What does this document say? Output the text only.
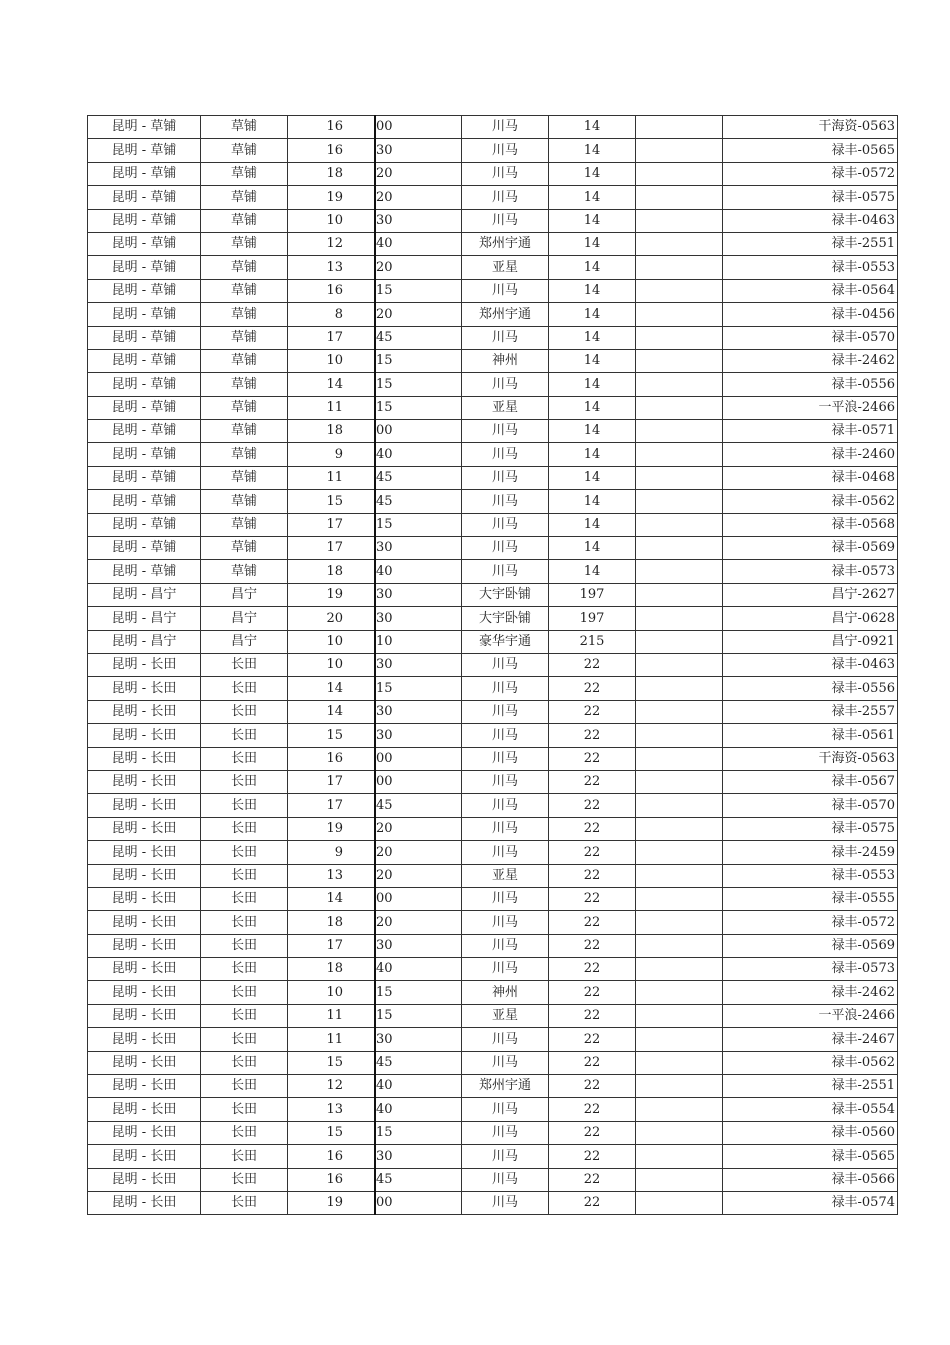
昆明 - 草铺	草铺	16 00	川马	14		干海资-0563
昆明 - 草铺	草铺	16 30	川马	14		禄丰-0565
昆明 - 草铺	草铺	18 20	川马	14		禄丰-0572
昆明 - 草铺	草铺	19 20	川马	14		禄丰-0575
昆明 - 草铺	草铺	10 30	川马	14		禄丰-0463
昆明 - 草铺	草铺	12 40	郑州宇通	14		禄丰-2551
昆明 - 草铺	草铺	13 20	亚星	14		禄丰-0553
昆明 - 草铺	草铺	16 15	川马	14		禄丰-0564
昆明 - 草铺	草铺	8 20	郑州宇通	14		禄丰-0456
昆明 - 草铺	草铺	17 45	川马	14		禄丰-0570
昆明 - 草铺	草铺	10 15	神州	14		禄丰-2462
昆明 - 草铺	草铺	14 15	川马	14		禄丰-0556
昆明 - 草铺	草铺	11 15	亚星	14		一平浪-2466
昆明 - 草铺	草铺	18 00	川马	14		禄丰-0571
昆明 - 草铺	草铺	9 40	川马	14		禄丰-2460
昆明 - 草铺	草铺	11 45	川马	14		禄丰-0468
昆明 - 草铺	草铺	15 45	川马	14		禄丰-0562
昆明 - 草铺	草铺	17 15	川马	14		禄丰-0568
昆明 - 草铺	草铺	17 30	川马	14		禄丰-0569
昆明 - 草铺	草铺	18 40	川马	14		禄丰-0573
昆明 - 昌宁	昌宁	19 30	大宇卧铺	197		昌宁-2627
昆明 - 昌宁	昌宁	20 30	大宇卧铺	197		昌宁-0628
昆明 - 昌宁	昌宁	10 10	豪华宇通	215		昌宁-0921
昆明 - 长田	长田	10 30	川马	22		禄丰-0463
昆明 - 长田	长田	14 15	川马	22		禄丰-0556
昆明 - 长田	长田	14 30	川马	22		禄丰-2557
昆明 - 长田	长田	15 30	川马	22		禄丰-0561
昆明 - 长田	长田	16 00	川马	22		干海资-0563
昆明 - 长田	长田	17 00	川马	22		禄丰-0567
昆明 - 长田	长田	17 45	川马	22		禄丰-0570
昆明 - 长田	长田	19 20	川马	22		禄丰-0575
昆明 - 长田	长田	9 20	川马	22		禄丰-2459
昆明 - 长田	长田	13 20	亚星	22		禄丰-0553
昆明 - 长田	长田	14 00	川马	22		禄丰-0555
昆明 - 长田	长田	18 20	川马	22		禄丰-0572
昆明 - 长田	长田	17 30	川马	22		禄丰-0569
昆明 - 长田	长田	18 40	川马	22		禄丰-0573
昆明 - 长田	长田	10 15	神州	22		禄丰-2462
昆明 - 长田	长田	11 15	亚星	22		一平浪-2466
昆明 - 长田	长田	11 30	川马	22		禄丰-2467
昆明 - 长田	长田	15 45	川马	22		禄丰-0562
昆明 - 长田	长田	12 40	郑州宇通	22		禄丰-2551
昆明 - 长田	长田	13 40	川马	22		禄丰-0554
昆明 - 长田	长田	15 15	川马	22		禄丰-0560
昆明 - 长田	长田	16 30	川马	22		禄丰-0565
昆明 - 长田	长田	16 45	川马	22		禄丰-0566
昆明 - 长田	长田	19 00	川马	22		禄丰-0574
